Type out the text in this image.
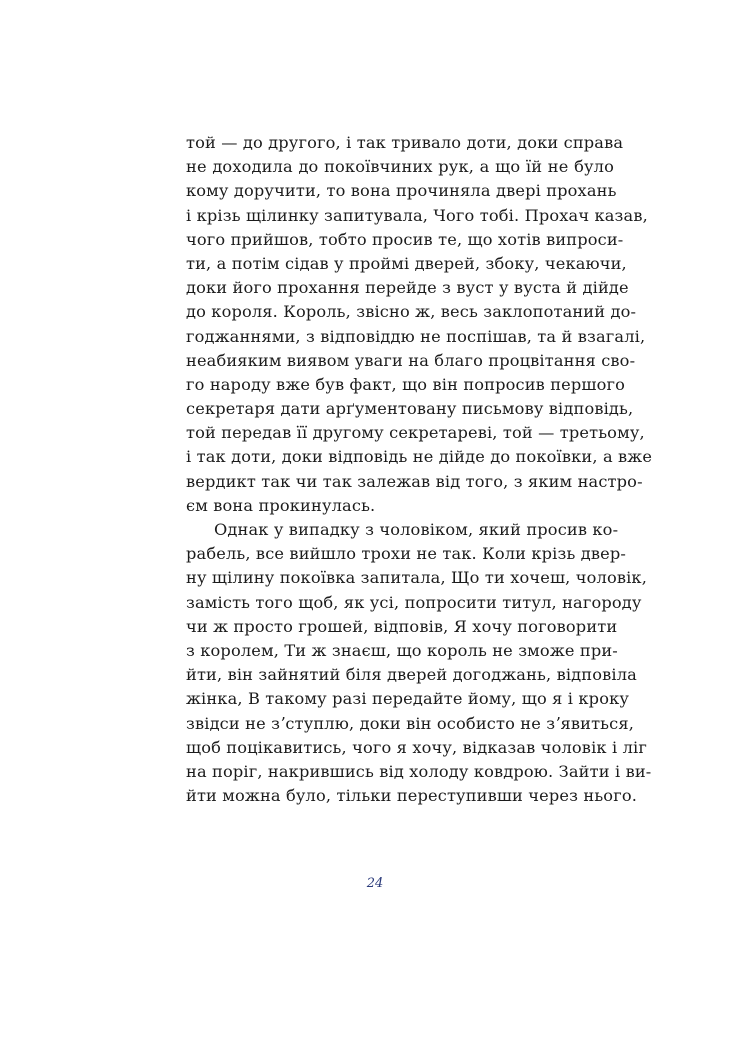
той — до другого, і так тривало доти, доки справа
не доходила до покоївчиних рук, а що їй не було
кому доручити, то вона прочиняла двері прохань
і крізь щілинку запитувала, Чого тобі. Прохач казав,
чого прийшов, тобто просив те, що хотів випроси-
ти, а потім сідав у проймі дверей, збоку, чекаючи,
доки його прохання перейде з вуст у вуста й дійде
до короля. Король, звісно ж, весь заклопотаний до-
годжаннями, з відповіддю не поспішав, та й взагалі,
неабияким виявом уваги на благо процвітання сво-
го народу вже був факт, що він попросив першого
секретаря дати арґументовану письмову відповідь,
той передав її другому секретареві, той — третьому,
і так доти, доки відповідь не дійде до покоївки, а вже
вердикт так чи так залежав від того, з яким настро-
єм вона прокинулась.
Однак у випадку з чоловіком, який просив ко-
рабель, все вийшло трохи не так. Коли крізь двер-
ну щілину покоївка запитала, Що ти хочеш, чоловік,
замість того щоб, як усі, попросити титул, нагороду
чи ж просто грошей, відповів, Я хочу поговорити
з королем, Ти ж знаєш, що король не зможе при-
йти, він зайнятий біля дверей догоджань, відповіла
жінка, В такому разі передайте йому, що я і кроку
звідси не зʼступлю, доки він особисто не зʼявиться,
щоб поцікавитись, чого я хочу, відказав чоловік і ліг
на поріг, накрившись від холоду ковдрою. Зайти і ви-
йти можна було, тільки переступивши через нього.
24
